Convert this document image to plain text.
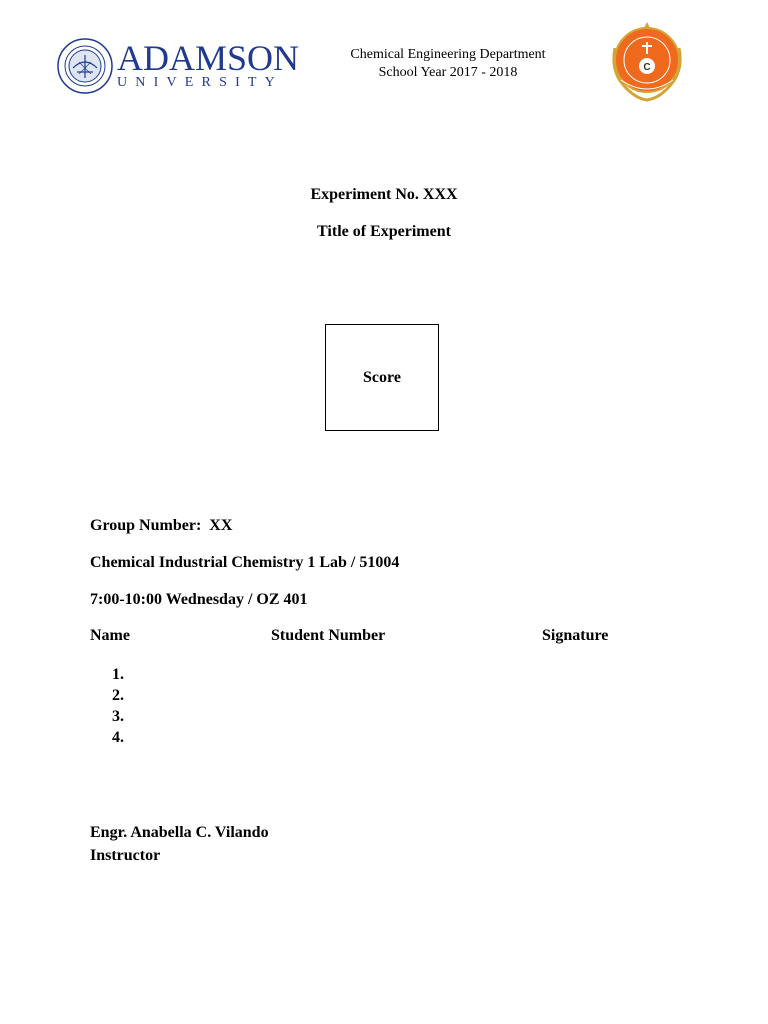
ADAMSON
UNIVERSITY
Chemical Engineering Department
School Year 2017 - 2018	C
Experiment No. XXX
Title of Experiment
Score
Group Number:  XX
Chemical Industrial Chemistry 1 Lab / 51004
7:00-10:00 Wednesday / OZ 401
Name	Student Number	Signature
1.
2.
3.
4.
Engr. Anabella C. Vilando
Instructor
